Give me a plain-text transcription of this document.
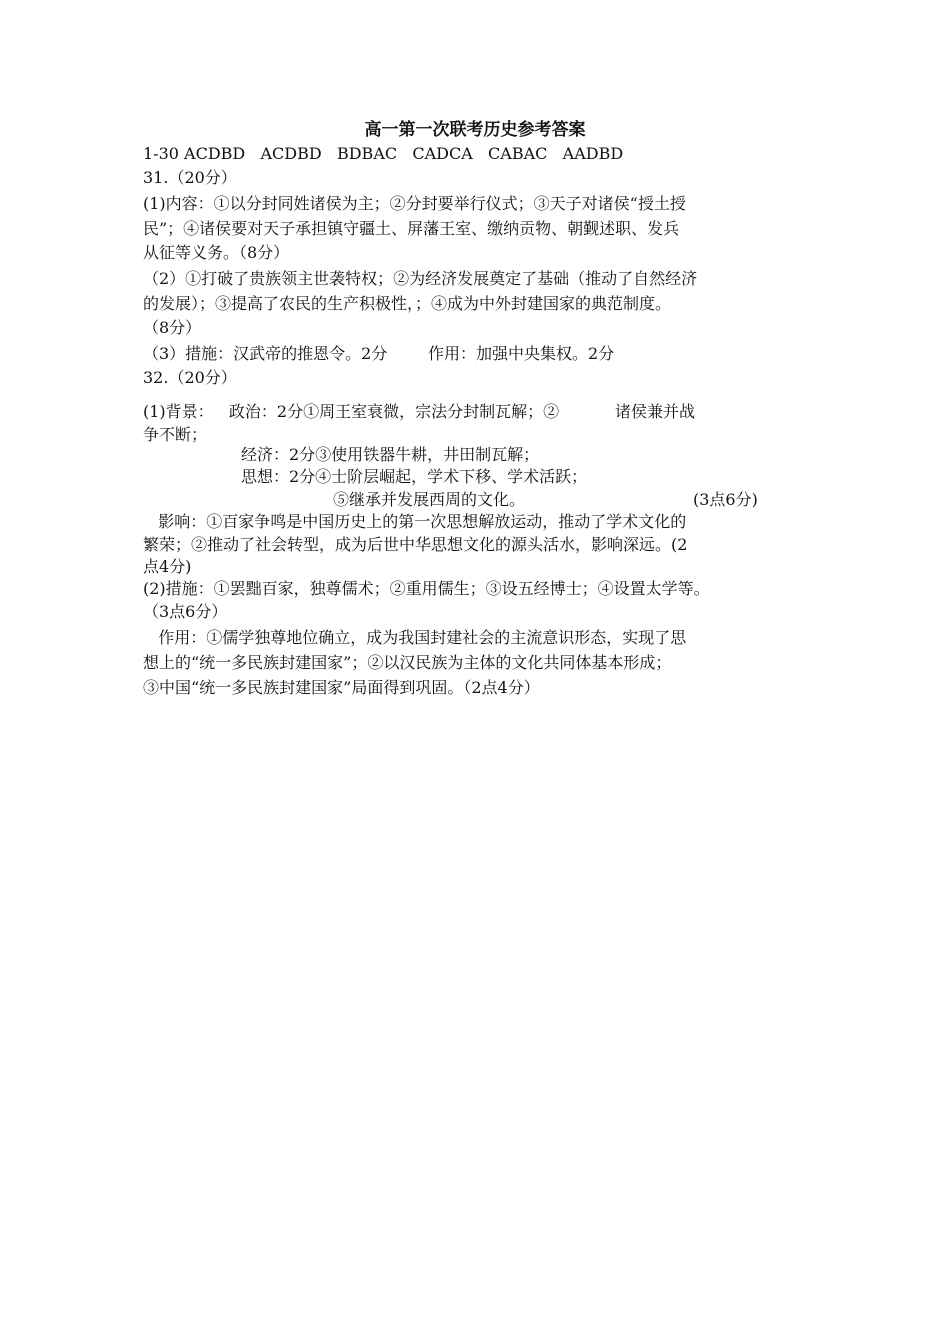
高一第一次联考历史参考答案
1-30 ACDBD   ACDBD   BDBAC   CADCA   CABAC   AADBD
31.（20分）
(1)内容：①以分封同姓诸侯为主；②分封要举行仪式；③天子对诸侯“授土授
民”；④诸侯要对天子承担镇守疆土、屏藩王室、缴纳贡物、朝觐述职、发兵
从征等义务。（8分）
（2）①打破了贵族领主世袭特权；②为经济发展奠定了基础（推动了自然经济
的发展）；③提高了农民的生产积极性，；④成为中外封建国家的典范制度。
（8分）
（3）措施：汉武帝的推恩令。2分        作用：加强中央集权。2分
32.（20分）
(1)背景：   政治：2分①周王室衰微，宗法分封制瓦解；②           诸侯兼并战
争不断；
经济：2分③使用铁器牛耕，井田制瓦解；
思想：2分④士阶层崛起，学术下移、学术活跃；
⑤继承并发展西周的文化。	(3点6分)
影响：①百家争鸣是中国历史上的第一次思想解放运动，推动了学术文化的
繁荣；②推动了社会转型，成为后世中华思想文化的源头活水，影响深远。(2
点4分)
(2)措施：①罢黜百家，独尊儒术；②重用儒生；③设五经博士；④设置太学等。
（3点6分）
作用：①儒学独尊地位确立，成为我国封建社会的主流意识形态，实现了思
想上的“统一多民族封建国家”；②以汉民族为主体的文化共同体基本形成；
③中国“统一多民族封建国家”局面得到巩固。（2点4分）
